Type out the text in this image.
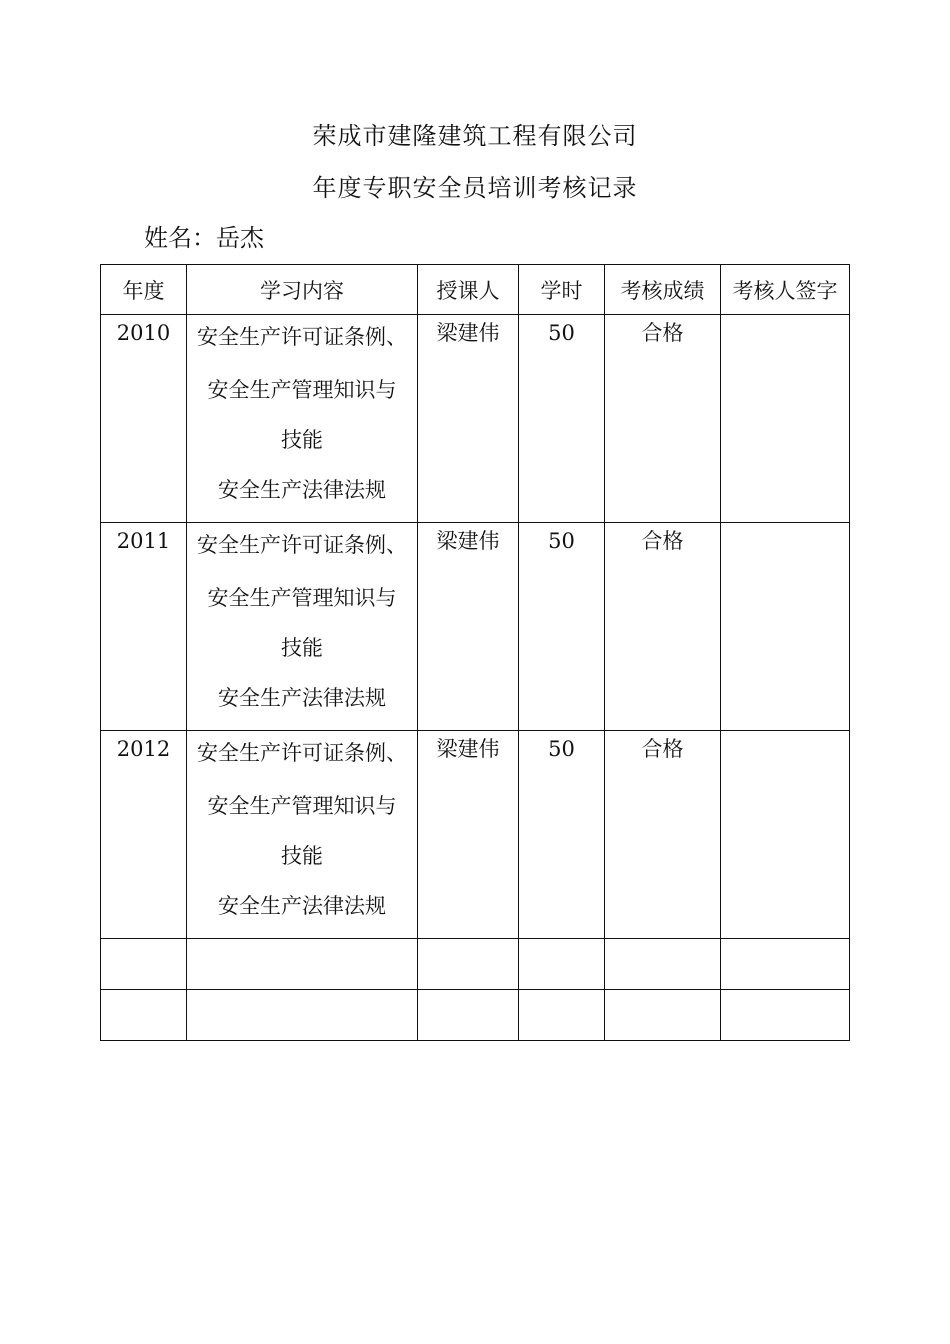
荣成市建隆建筑工程有限公司
年度专职安全员培训考核记录
姓名：岳杰
年度	学习内容	授课人	学时	考核成绩	考核人签字

2010	安全生产许可证条例、
安全生产管理知识与
技能
安全生产法律法规	梁建伟	50	合格	

2011	安全生产许可证条例、
安全生产管理知识与
技能
安全生产法律法规	梁建伟	50	合格	

2012	安全生产许可证条例、
安全生产管理知识与
技能
安全生产法律法规	梁建伟	50	合格	
